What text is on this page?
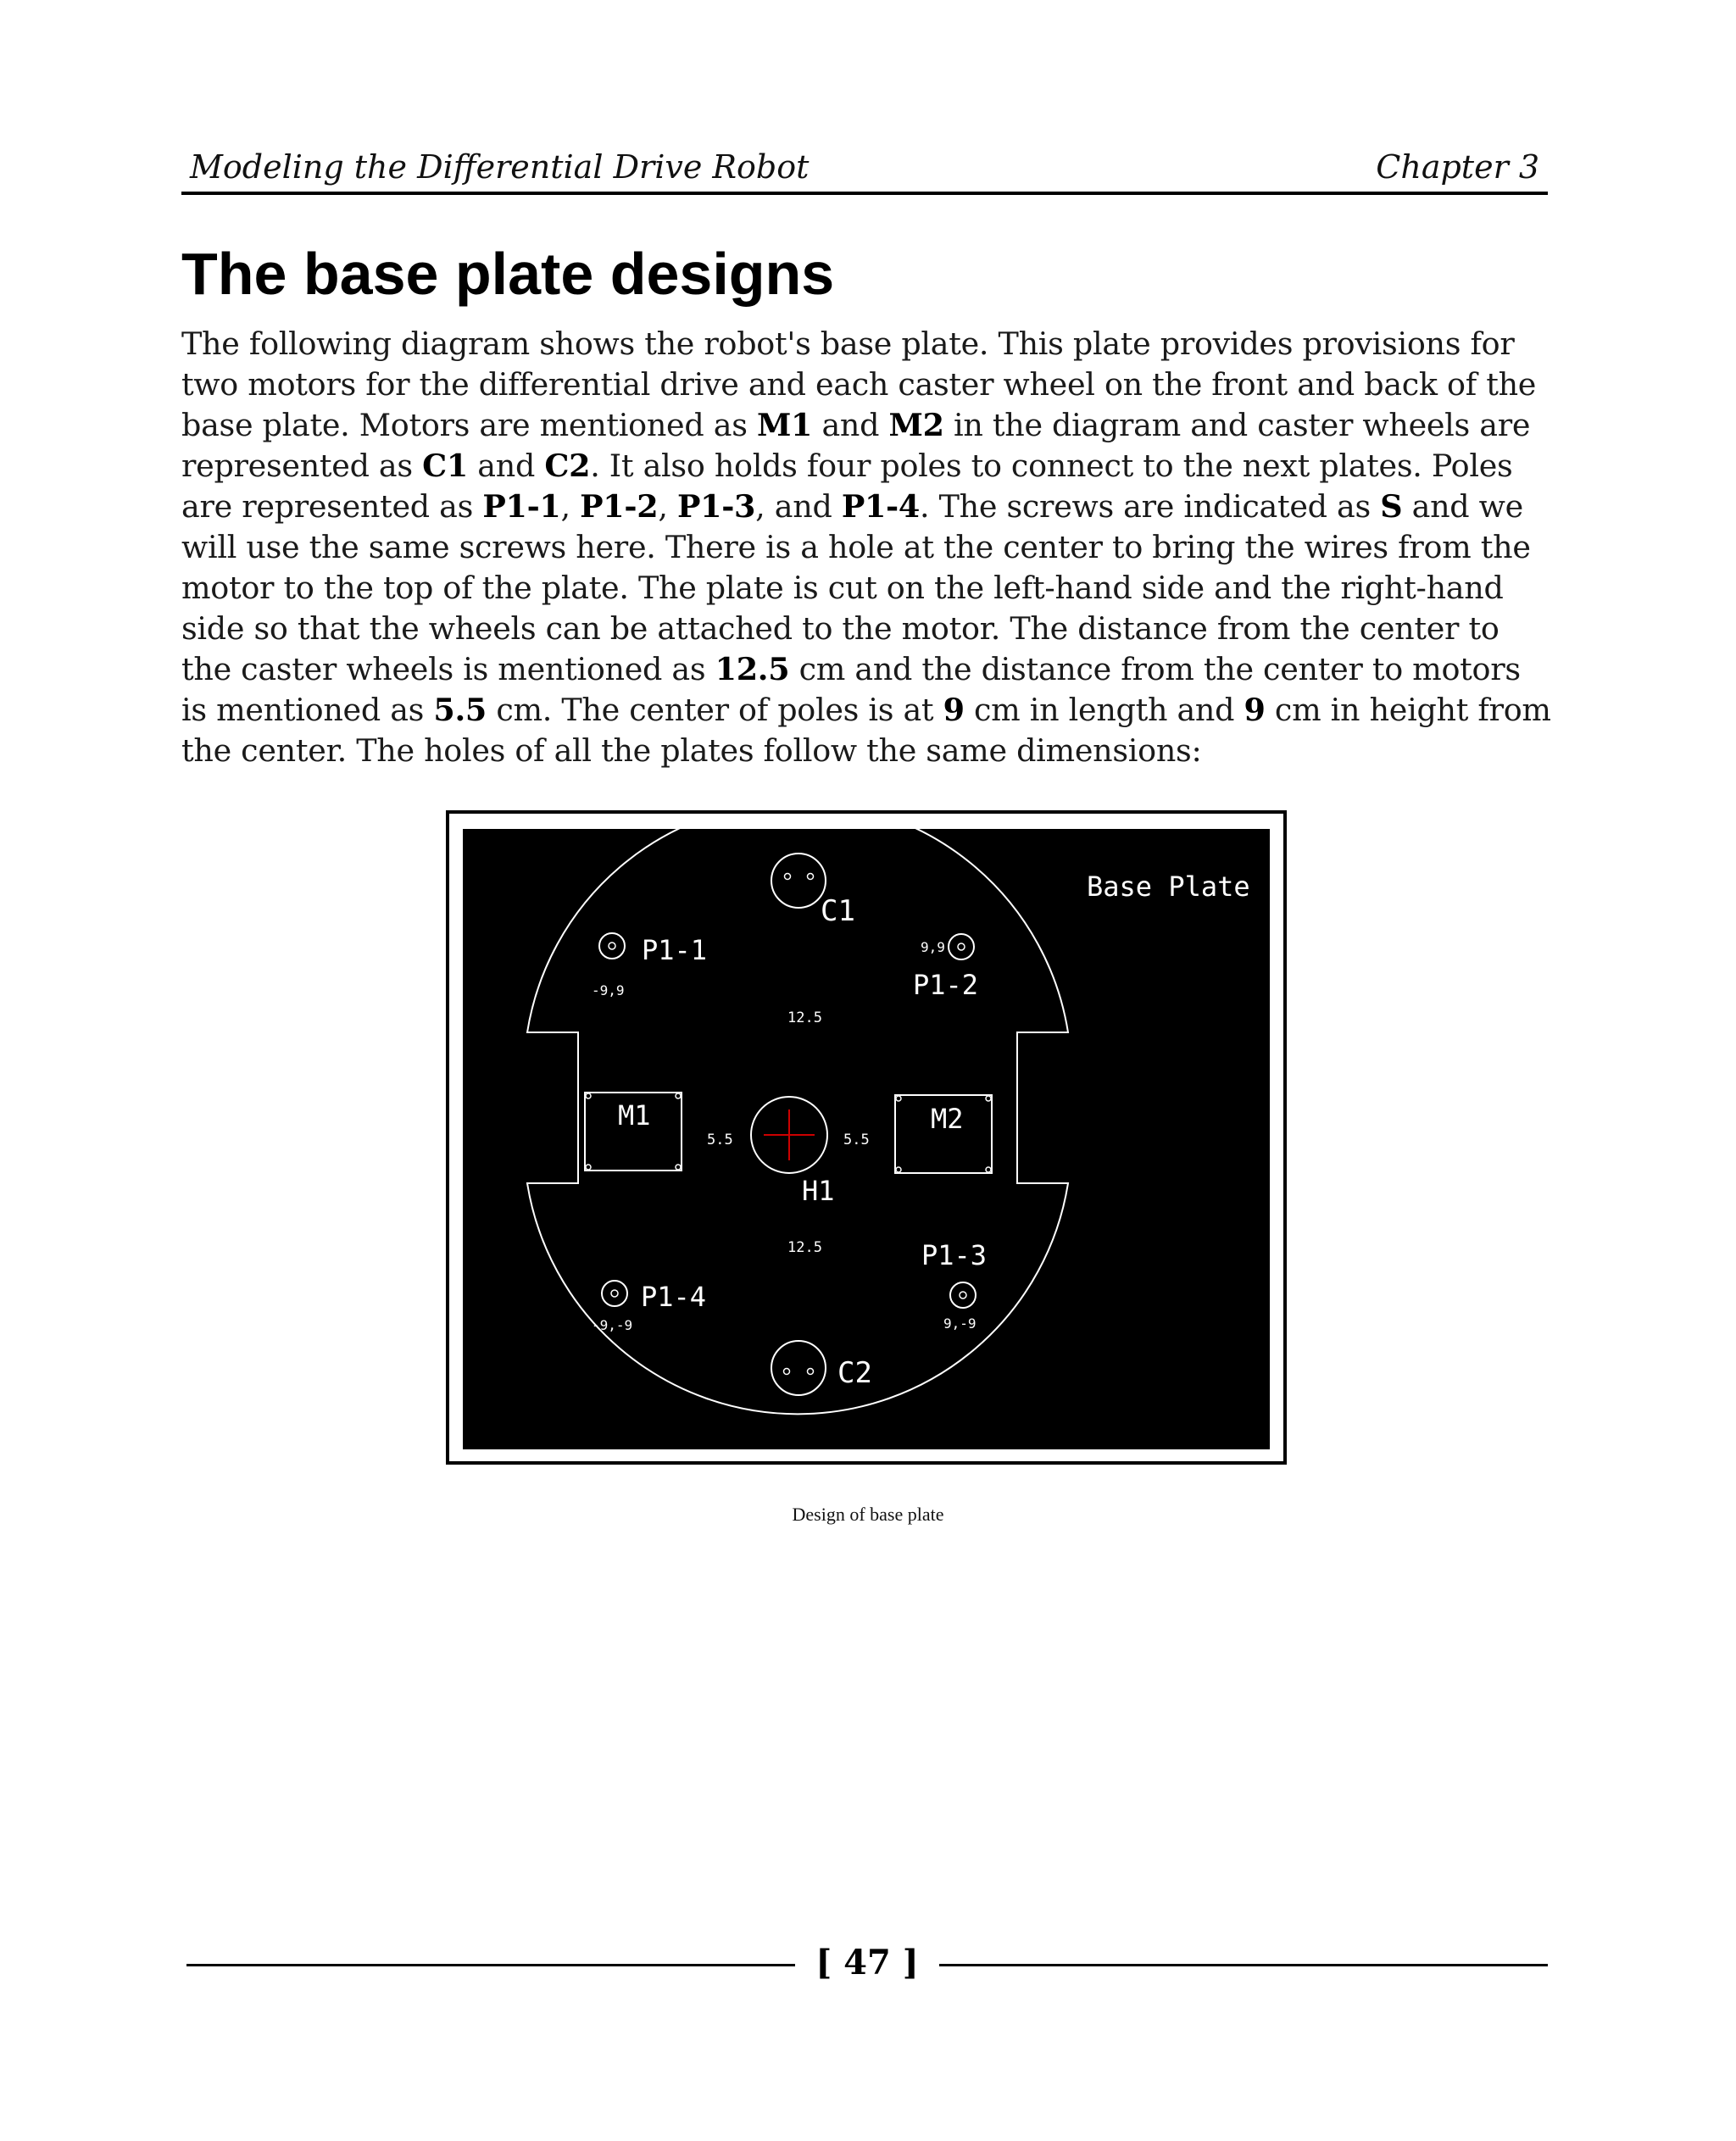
Modeling the Differential Drive Robot	Chapter 3
The base plate designs

The following diagram shows the robot's base plate. This plate provides provisions for two motors for the differential drive and each caster wheel on the front and back of the base plate. Motors are mentioned as M1 and M2 in the diagram and caster wheels are represented as C1 and C2. It also holds four poles to connect to the next plates. Poles are represented as P1-1, P1-2, P1-3, and P1-4. The screws are indicated as S and we will use the same screws here. There is a hole at the center to bring the wires from the motor to the top of the plate. The plate is cut on the left-hand side and the right-hand side so that the wheels can be attached to the motor. The distance from the center to the caster wheels is mentioned as 12.5 cm and the distance from the center to motors is mentioned as 5.5 cm. The center of poles is at 9 cm in length and 9 cm in height from the center. The holes of all the plates follow the same dimensions:

C1
C2
Base Plate
P1-1
-9,9
9,9
P1-2
P1-3
9,-9
P1-4
-9,-9
12.5
12.5
5.5	5.5
M1	M2
H1
Design of base plate
[ 47 ]
